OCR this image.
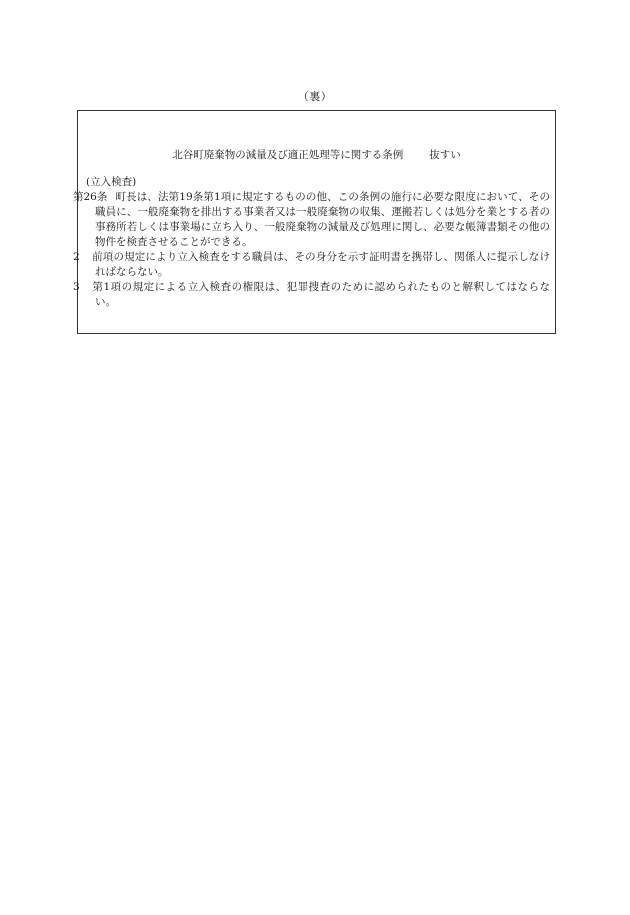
（裏）
北谷町廃棄物の減量及び適正処理等に関する条例 抜すい

(立入検査)

第26条 町長は、法第19条第1項に規定するものの他、この条例の施行に必要な限度において、その職員に、一般廃棄物を排出する事業者又は一般廃棄物の収集、運搬若しくは処分を業とする者の事務所若しくは事業場に立ち入り、一般廃棄物の減量及び処理に関し、必要な帳簿書類その他の物件を検査させることができる。

2 前項の規定により立入検査をする職員は、その身分を示す証明書を携帯し、関係人に提示しなければならない。

3 第1項の規定による立入検査の権限は、犯罪捜査のために認められたものと解釈してはならない。
